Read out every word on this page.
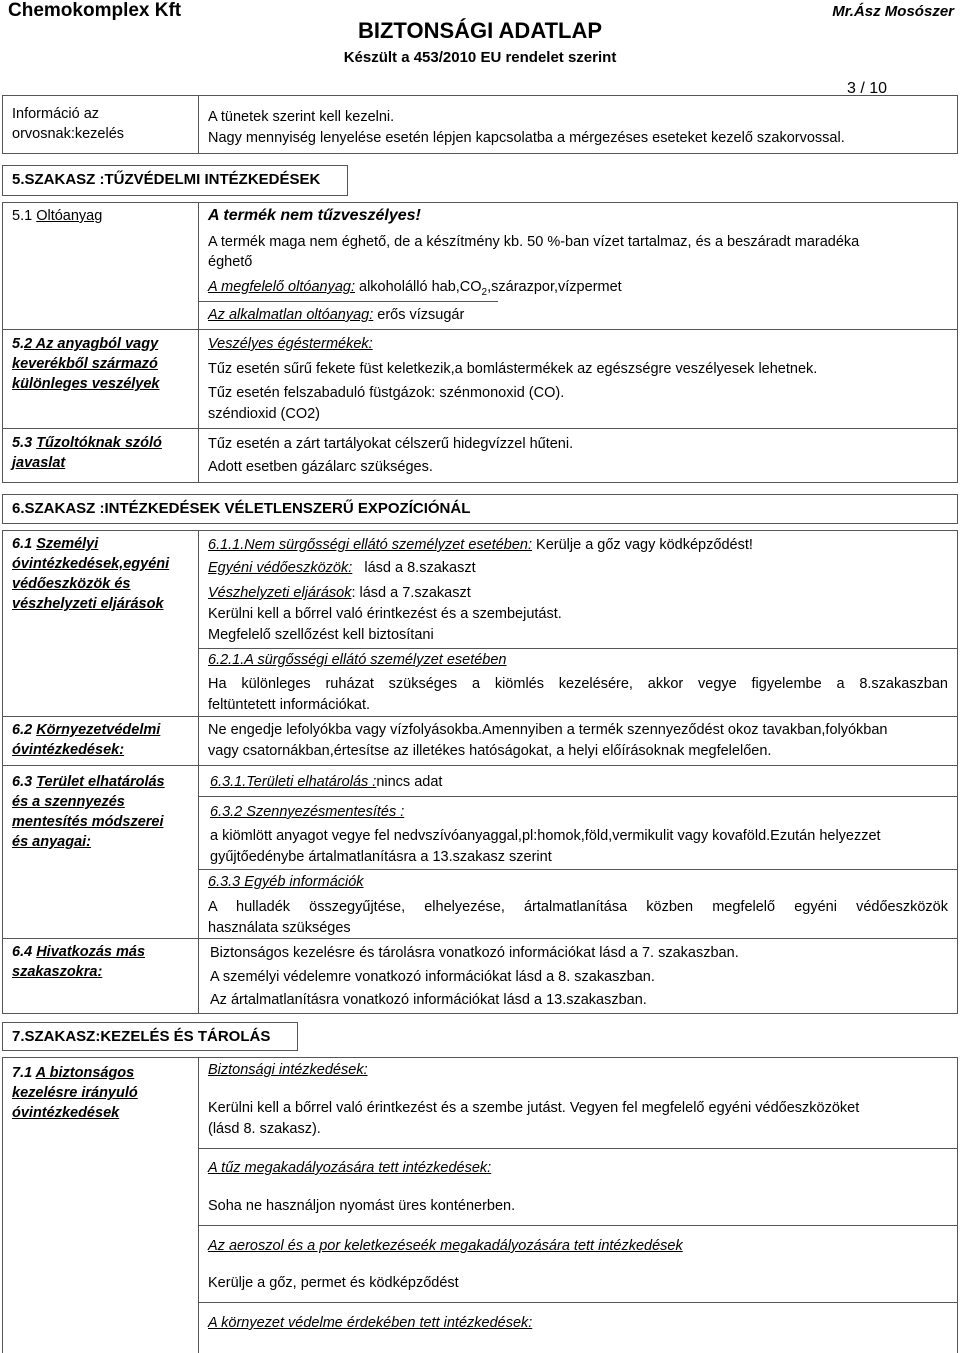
Chemokomplex Kft
BIZTONSÁGI ADATLAP
Készült a 453/2010 EU rendelet szerint
Mr.Ász Mosószer
3 / 10
Információ az
orvosnak:kezelés
A tünetek szerint kell kezelni.
Nagy mennyiség lenyelése esetén lépjen kapcsolatba a mérgezéses eseteket kezelő szakorvossal.
5.SZAKASZ :TŰZVÉDELMI INTÉZKEDÉSEK
5.1 Oltóanyag	A termék nem tűzveszélyes!
A termék maga nem éghető, de a készítmény kb. 50 %-ban vízet tartalmaz, és a beszáradt maradéka
éghető
A megfelelő oltóanyag: alkoholálló $hab,CO_2,szárazpor,vízpermet$
Az alkalmatlan oltóanyag: erős vízsugár
5.2 Az anyagból vagy
keverékből származó
különleges veszélyek
Veszélyes égéstermékek:
Tűz esetén sűrű fekete füst keletkezik,a bomlástermékek az egészségre veszélyesek lehetnek.
Tűz esetén felszabaduló füstgázok: szénmonoxid (CO).
széndioxid (CO2)
5.3 Tűzoltóknak szóló
javaslat
Tűz esetén a zárt tartályokat célszerű hidegvízzel hűteni.
Adott esetben gázálarc szükséges.
6.SZAKASZ :INTÉZKEDÉSEK VÉLETLENSZERŰ EXPOZÍCIÓNÁL
6.1 Személyi
óvintézkedések,egyéni
védőeszközök és
vészhelyzeti eljárások
6.1.1.Nem sürgősségi ellátó személyzet esetében: Kerülje a gőz vagy ködképződést!
Egyéni védőeszközök: lásd a 8.szakaszt
Vészhelyzeti eljárások: lásd a 7.szakaszt
Kerülni kell a bőrrel való érintkezést és a szembejutást.
Megfelelő szellőzést kell biztosítani
6.2.1.A sürgősségi ellátó személyzet esetében
Ha különleges ruházat szükséges a kiömlés kezelésére, akkor vegye figyelembe a 8.szakaszban
feltüntetett információkat.
6.2 Környezetvédelmi
óvintézkedések:
Ne engedje lefolyókba vagy vízfolyásokba.Amennyiben a termék szennyeződést okoz tavakban,folyókban
vagy csatornákban,értesítse az illetékes hatóságokat, a helyi előírásoknak megfelelően.
6.3 Terület elhatárolás
és a szennyezés
mentesítés módszerei
és anyagai:
6.3.1.Területi elhatárolás :nincs adat
6.3.2 Szennyezésmentesítés :
a kiömlött anyagot vegye fel nedvszívóanyaggal,pl:homok,föld,vermikulit vagy kovaföld.Ezután helyezzet
gyűjtőedénybe ártalmatlanításra a 13.szakasz szerint
6.3.3 Egyéb információk
A hulladék összegyűjtése, elhelyezése, ártalmatlanítása közben megfelelő egyéni védőeszközök
használata szükséges
6.4 Hivatkozás más
szakaszokra:
Biztonságos kezelésre és tárolásra vonatkozó információkat lásd a 7. szakaszban.
A személyi védelemre vonatkozó információkat lásd a 8. szakaszban.
Az ártalmatlanításra vonatkozó információkat lásd a 13.szakaszban.
7.SZAKASZ:KEZELÉS ÉS TÁROLÁS
7.1 A biztonságos
kezelésre irányuló
óvintézkedések
Biztonsági intézkedések:
Kerülni kell a bőrrel való érintkezést és a szembe jutást. Vegyen fel megfelelő egyéni védőeszközöket
(lásd 8. szakasz).
A tűz megakadályozására tett intézkedések:
Soha ne használjon nyomást üres konténerben.
Az aeroszol és a por keletkezéseék megakadályozására tett intézkedések
Kerülje a gőz, permet és ködképződést
A környezet védelme érdekében tett intézkedések:
